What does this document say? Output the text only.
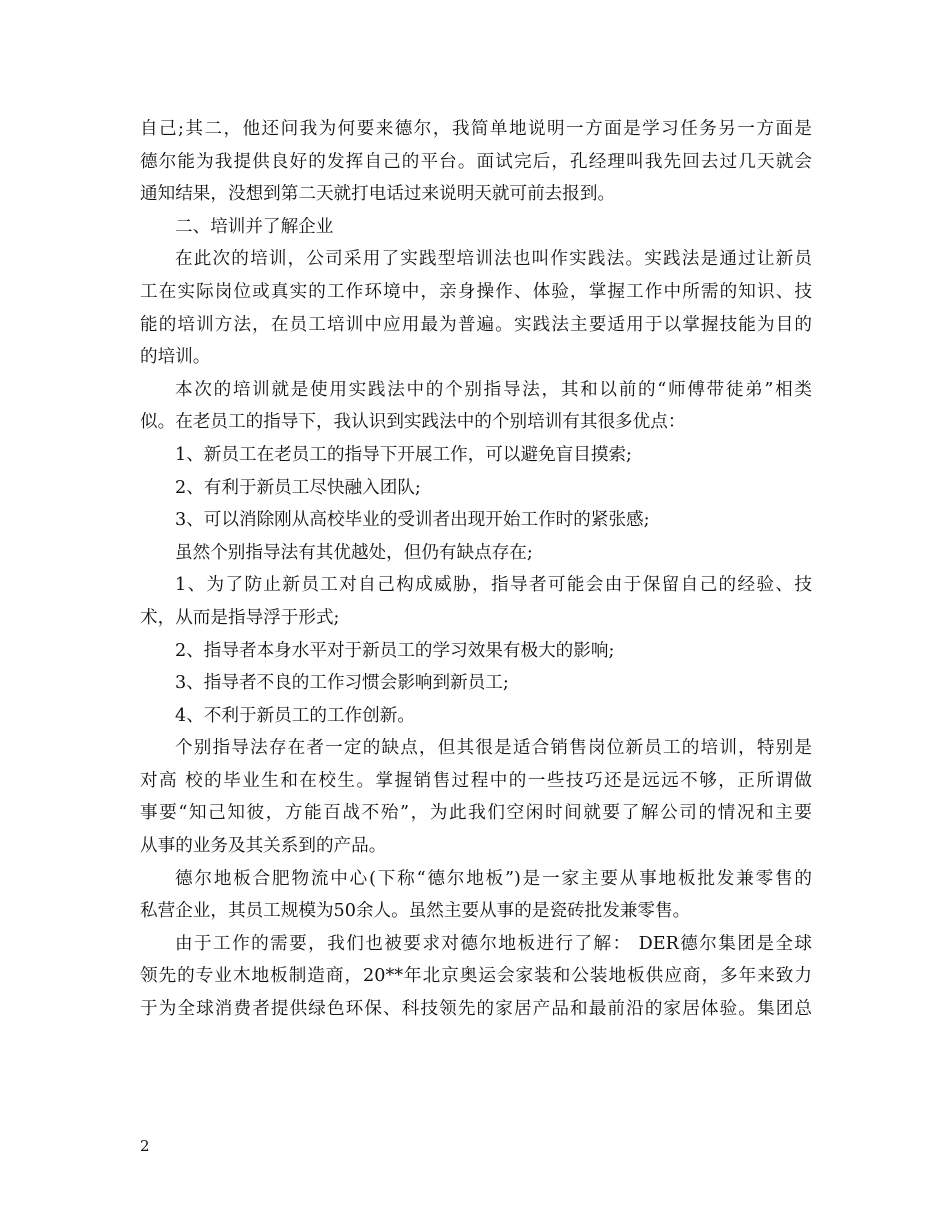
自己;其二，他还问我为何要来德尔，我简单地说明一方面是学习任务另一方面是
德尔能为我提供良好的发挥自己的平台。面试完后，孔经理叫我先回去过几天就会
通知结果，没想到第二天就打电话过来说明天就可前去报到。
二、培训并了解企业
在此次的培训，公司采用了实践型培训法也叫作实践法。实践法是通过让新员
工在实际岗位或真实的工作环境中，亲身操作、体验，掌握工作中所需的知识、技
能的培训方法，在员工培训中应用最为普遍。实践法主要适用于以掌握技能为目的
的培训。
本次的培训就是使用实践法中的个别指导法，其和以前的“师傅带徒弟”相类
似。在老员工的指导下，我认识到实践法中的个别培训有其很多优点：
1、新员工在老员工的指导下开展工作，可以避免盲目摸索;
2、有利于新员工尽快融入团队;
3、可以消除刚从高校毕业的受训者出现开始工作时的紧张感;
虽然个别指导法有其优越处，但仍有缺点存在;
1、为了防止新员工对自己构成威胁，指导者可能会由于保留自己的经验、技
术，从而是指导浮于形式;
2、指导者本身水平对于新员工的学习效果有极大的影响;
3、指导者不良的工作习惯会影响到新员工;
4、不利于新员工的工作创新。
个别指导法存在者一定的缺点，但其很是适合销售岗位新员工的培训，特别是
对高 校的毕业生和在校生。掌握销售过程中的一些技巧还是远远不够，正所谓做
事要“知己知彼，方能百战不殆”，为此我们空闲时间就要了解公司的情况和主要
从事的业务及其关系到的产品。
德尔地板合肥物流中心(下称“德尔地板”)是一家主要从事地板批发兼零售的
私营企业，其员工规模为50余人。虽然主要从事的是瓷砖批发兼零售。
由于工作的需要，我们也被要求对德尔地板进行了解： DER德尔集团是全球
领先的专业木地板制造商，20**年北京奥运会家装和公装地板供应商，多年来致力
于为全球消费者提供绿色环保、科技领先的家居产品和最前沿的家居体验。集团总
2
